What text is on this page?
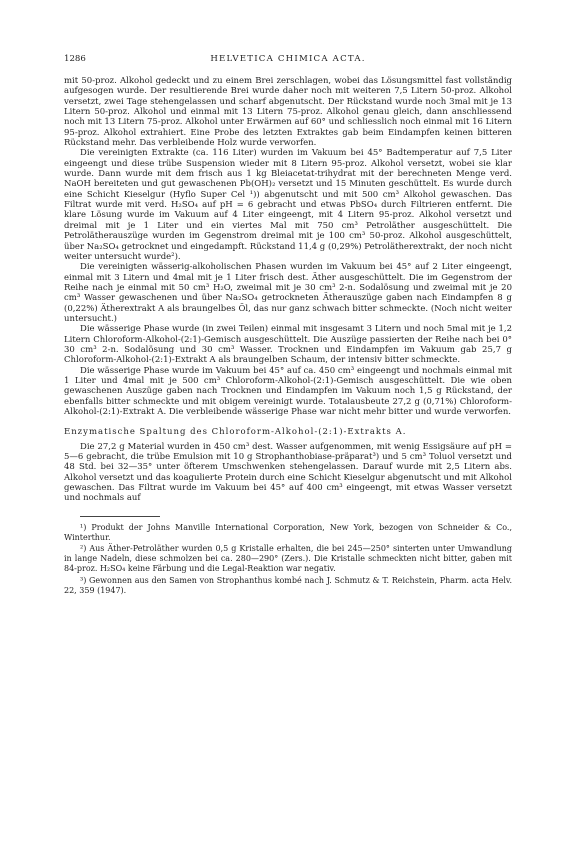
1286	HELVETICA CHIMICA ACTA.

mit 50-proz. Alkohol gedeckt und zu einem Brei zerschlagen, wobei das Lösungsmittel fast vollständig aufgesogen wurde. Der resultierende Brei wurde daher noch mit weiteren 7,5 Litern 50-proz. Alkohol versetzt, zwei Tage stehengelassen und scharf abgenutscht. Der Rückstand wurde noch 3mal mit je 13 Litern 50-proz. Alkohol und einmal mit 13 Litern 75-proz. Alkohol genau gleich, dann anschliessend noch mit 13 Litern 75-proz. Alkohol unter Erwärmen auf 60° und schliesslich noch einmal mit 16 Litern 95-proz. Alkohol extrahiert. Eine Probe des letzten Extraktes gab beim Eindampfen keinen bitteren Rückstand mehr. Das verbleibende Holz wurde verworfen.

Die vereinigten Extrakte (ca. 116 Liter) wurden im Vakuum bei 45° Badtemperatur auf 7,5 Liter eingeengt und diese trübe Suspension wieder mit 8 Litern 95-proz. Alkohol versetzt, wobei sie klar wurde. Dann wurde mit dem frisch aus 1 kg Bleiacetat-trihydrat mit der berechneten Menge verd. NaOH bereiteten und gut gewaschenen Pb(OH)₂ versetzt und 15 Minuten geschüttelt. Es wurde durch eine Schicht Kieselgur (Hyflo Super Cel ¹)) abgenutscht und mit 500 cm³ Alkohol gewaschen. Das Filtrat wurde mit verd. H₂SO₄ auf pH = 6 gebracht und etwas PbSO₄ durch Filtrieren entfernt. Die klare Lösung wurde im Vakuum auf 4 Liter eingeengt, mit 4 Litern 95-proz. Alkohol versetzt und dreimal mit je 1 Liter und ein viertes Mal mit 750 cm³ Petroläther ausgeschüttelt. Die Petrolätherauszüge wurden im Gegenstrom dreimal mit je 100 cm³ 50-proz. Alkohol ausgeschüttelt, über Na₂SO₄ getrocknet und eingedampft. Rückstand 11,4 g (0,29%) Petrolätherextrakt, der noch nicht weiter untersucht wurde²).

Die vereinigten wässerig-alkoholischen Phasen wurden im Vakuum bei 45° auf 2 Liter eingeengt, einmal mit 3 Litern und 4mal mit je 1 Liter frisch dest. Äther ausgeschüttelt. Die im Gegenstrom der Reihe nach je einmal mit 50 cm³ H₂O, zweimal mit je 30 cm³ 2-n. Sodalösung und zweimal mit je 20 cm³ Wasser gewaschenen und über Na₂SO₄ getrockneten Ätherauszüge gaben nach Eindampfen 8 g (0,22%) Ätherextrakt A als braungelbes Öl, das nur ganz schwach bitter schmeckte. (Noch nicht weiter untersucht.)

Die wässerige Phase wurde (in zwei Teilen) einmal mit insgesamt 3 Litern und noch 5mal mit je 1,2 Litern Chloroform-Alkohol-(2:1)-Gemisch ausgeschüttelt. Die Auszüge passierten der Reihe nach bei 0° 30 cm³ 2-n. Sodalösung und 30 cm³ Wasser. Trocknen und Eindampfen im Vakuum gab 25,7 g Chloroform-Alkohol-(2:1)-Extrakt A als braungelben Schaum, der intensiv bitter schmeckte.

Die wässerige Phase wurde im Vakuum bei 45° auf ca. 450 cm³ eingeengt und nochmals einmal mit 1 Liter und 4mal mit je 500 cm³ Chloroform-Alkohol-(2:1)-Gemisch ausgeschüttelt. Die wie oben gewaschenen Auszüge gaben nach Trocknen und Eindampfen im Vakuum noch 1,5 g Rückstand, der ebenfalls bitter schmeckte und mit obigem vereinigt wurde. Totalausbeute 27,2 g (0,71%) Chloroform-Alkohol-(2:1)-Extrakt A. Die verbleibende wässerige Phase war nicht mehr bitter und wurde verworfen.

Enzymatische Spaltung des Chloroform-Alkohol-(2:1)-Extrakts A.

Die 27,2 g Material wurden in 450 cm³ dest. Wasser aufgenommen, mit wenig Essigsäure auf pH = 5—6 gebracht, die trübe Emulsion mit 10 g Strophanthobiase-präparat³) und 5 cm³ Toluol versetzt und 48 Std. bei 32—35° unter öfterem Umschwenken stehengelassen. Darauf wurde mit 2,5 Litern abs. Alkohol versetzt und das koagulierte Protein durch eine Schicht Kieselgur abgenutscht und mit Alkohol gewaschen. Das Filtrat wurde im Vakuum bei 45° auf 400 cm³ eingeengt, mit etwas Wasser versetzt und nochmals auf

¹) Produkt der Johns Manville International Corporation, New York, bezogen von Schneider & Co., Winterthur.

²) Aus Äther-Petroläther wurden 0,5 g Kristalle erhalten, die bei 245—250° sinterten unter Umwandlung in lange Nadeln, diese schmolzen bei ca. 280—290° (Zers.). Die Kristalle schmeckten nicht bitter, gaben mit 84-proz. H₂SO₄ keine Färbung und die Legal-Reaktion war negativ.

³) Gewonnen aus den Samen von Strophanthus kombé nach J. Schmutz & T. Reichstein, Pharm. acta Helv. 22, 359 (1947).
